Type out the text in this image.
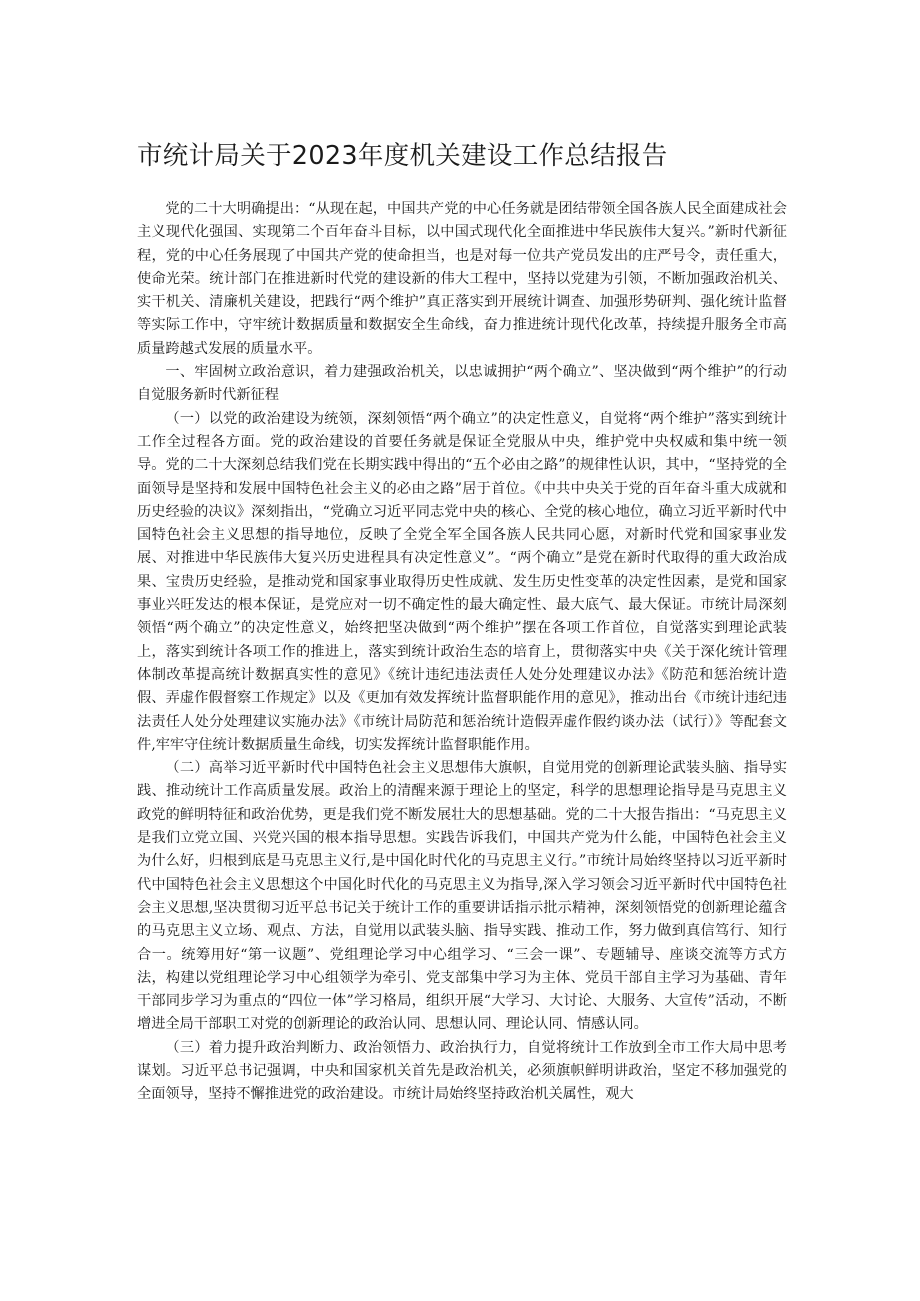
市统计局关于2023年度机关建设工作总结报告

党的二十大明确提出：“从现在起，中国共产党的中心任务就是团结带领全国各族人民全面建成社会主义现代化强国、实现第二个百年奋斗目标，以中国式现代化全面推进中华民族伟大复兴。”新时代新征程，党的中心任务展现了中国共产党的使命担当，也是对每一位共产党员发出的庄严号令，责任重大，使命光荣。统计部门在推进新时代党的建设新的伟大工程中，坚持以党建为引领，不断加强政治机关、实干机关、清廉机关建设，把践行“两个维护”真正落实到开展统计调查、加强形势研判、强化统计监督等实际工作中，守牢统计数据质量和数据安全生命线，奋力推进统计现代化改革，持续提升服务全市高质量跨越式发展的质量水平。

一、牢固树立政治意识，着力建强政治机关，以忠诚拥护“两个确立”、坚决做到“两个维护”的行动自觉服务新时代新征程

（一）以党的政治建设为统领，深刻领悟“两个确立”的决定性意义，自觉将“两个维护”落实到统计工作全过程各方面。党的政治建设的首要任务就是保证全党服从中央，维护党中央权威和集中统一领导。党的二十大深刻总结我们党在长期实践中得出的“五个必由之路”的规律性认识，其中，“坚持党的全面领导是坚持和发展中国特色社会主义的必由之路”居于首位。《中共中央关于党的百年奋斗重大成就和历史经验的决议》深刻指出，“党确立习近平同志党中央的核心、全党的核心地位，确立习近平新时代中国特色社会主义思想的指导地位，反映了全党全军全国各族人民共同心愿，对新时代党和国家事业发展、对推进中华民族伟大复兴历史进程具有决定性意义”。“两个确立”是党在新时代取得的重大政治成果、宝贵历史经验，是推动党和国家事业取得历史性成就、发生历史性变革的决定性因素，是党和国家事业兴旺发达的根本保证，是党应对一切不确定性的最大确定性、最大底气、最大保证。市统计局深刻领悟“两个确立”的决定性意义，始终把坚决做到“两个维护”摆在各项工作首位，自觉落实到理论武装上，落实到统计各项工作的推进上，落实到统计政治生态的培育上，贯彻落实中央《关于深化统计管理体制改革提高统计数据真实性的意见》《统计违纪违法责任人处分处理建议办法》《防范和惩治统计造假、弄虚作假督察工作规定》以及《更加有效发挥统计监督职能作用的意见》，推动出台《市统计违纪违法责任人处分处理建议实施办法》《市统计局防范和惩治统计造假弄虚作假约谈办法（试行）》等配套文件,牢牢守住统计数据质量生命线，切实发挥统计监督职能作用。

（二）高举习近平新时代中国特色社会主义思想伟大旗帜，自觉用党的创新理论武装头脑、指导实践、推动统计工作高质量发展。政治上的清醒来源于理论上的坚定，科学的思想理论指导是马克思主义政党的鲜明特征和政治优势，更是我们党不断发展壮大的思想基础。党的二十大报告指出：“马克思主义是我们立党立国、兴党兴国的根本指导思想。实践告诉我们，中国共产党为什么能，中国特色社会主义为什么好，归根到底是马克思主义行,是中国化时代化的马克思主义行。”市统计局始终坚持以习近平新时代中国特色社会主义思想这个中国化时代化的马克思主义为指导,深入学习领会习近平新时代中国特色社会主义思想,坚决贯彻习近平总书记关于统计工作的重要讲话指示批示精神，深刻领悟党的创新理论蕴含的马克思主义立场、观点、方法，自觉用以武装头脑、指导实践、推动工作，努力做到真信笃行、知行合一。统筹用好“第一议题”、党组理论学习中心组学习、“三会一课”、专题辅导、座谈交流等方式方法，构建以党组理论学习中心组领学为牵引、党支部集中学习为主体、党员干部自主学习为基础、青年干部同步学习为重点的“四位一体”学习格局，组织开展“大学习、大讨论、大服务、大宣传”活动，不断增进全局干部职工对党的创新理论的政治认同、思想认同、理论认同、情感认同。

（三）着力提升政治判断力、政治领悟力、政治执行力，自觉将统计工作放到全市工作大局中思考谋划。习近平总书记强调，中央和国家机关首先是政治机关，必须旗帜鲜明讲政治，坚定不移加强党的全面领导，坚持不懈推进党的政治建设。市统计局始终坚持政治机关属性，观大
